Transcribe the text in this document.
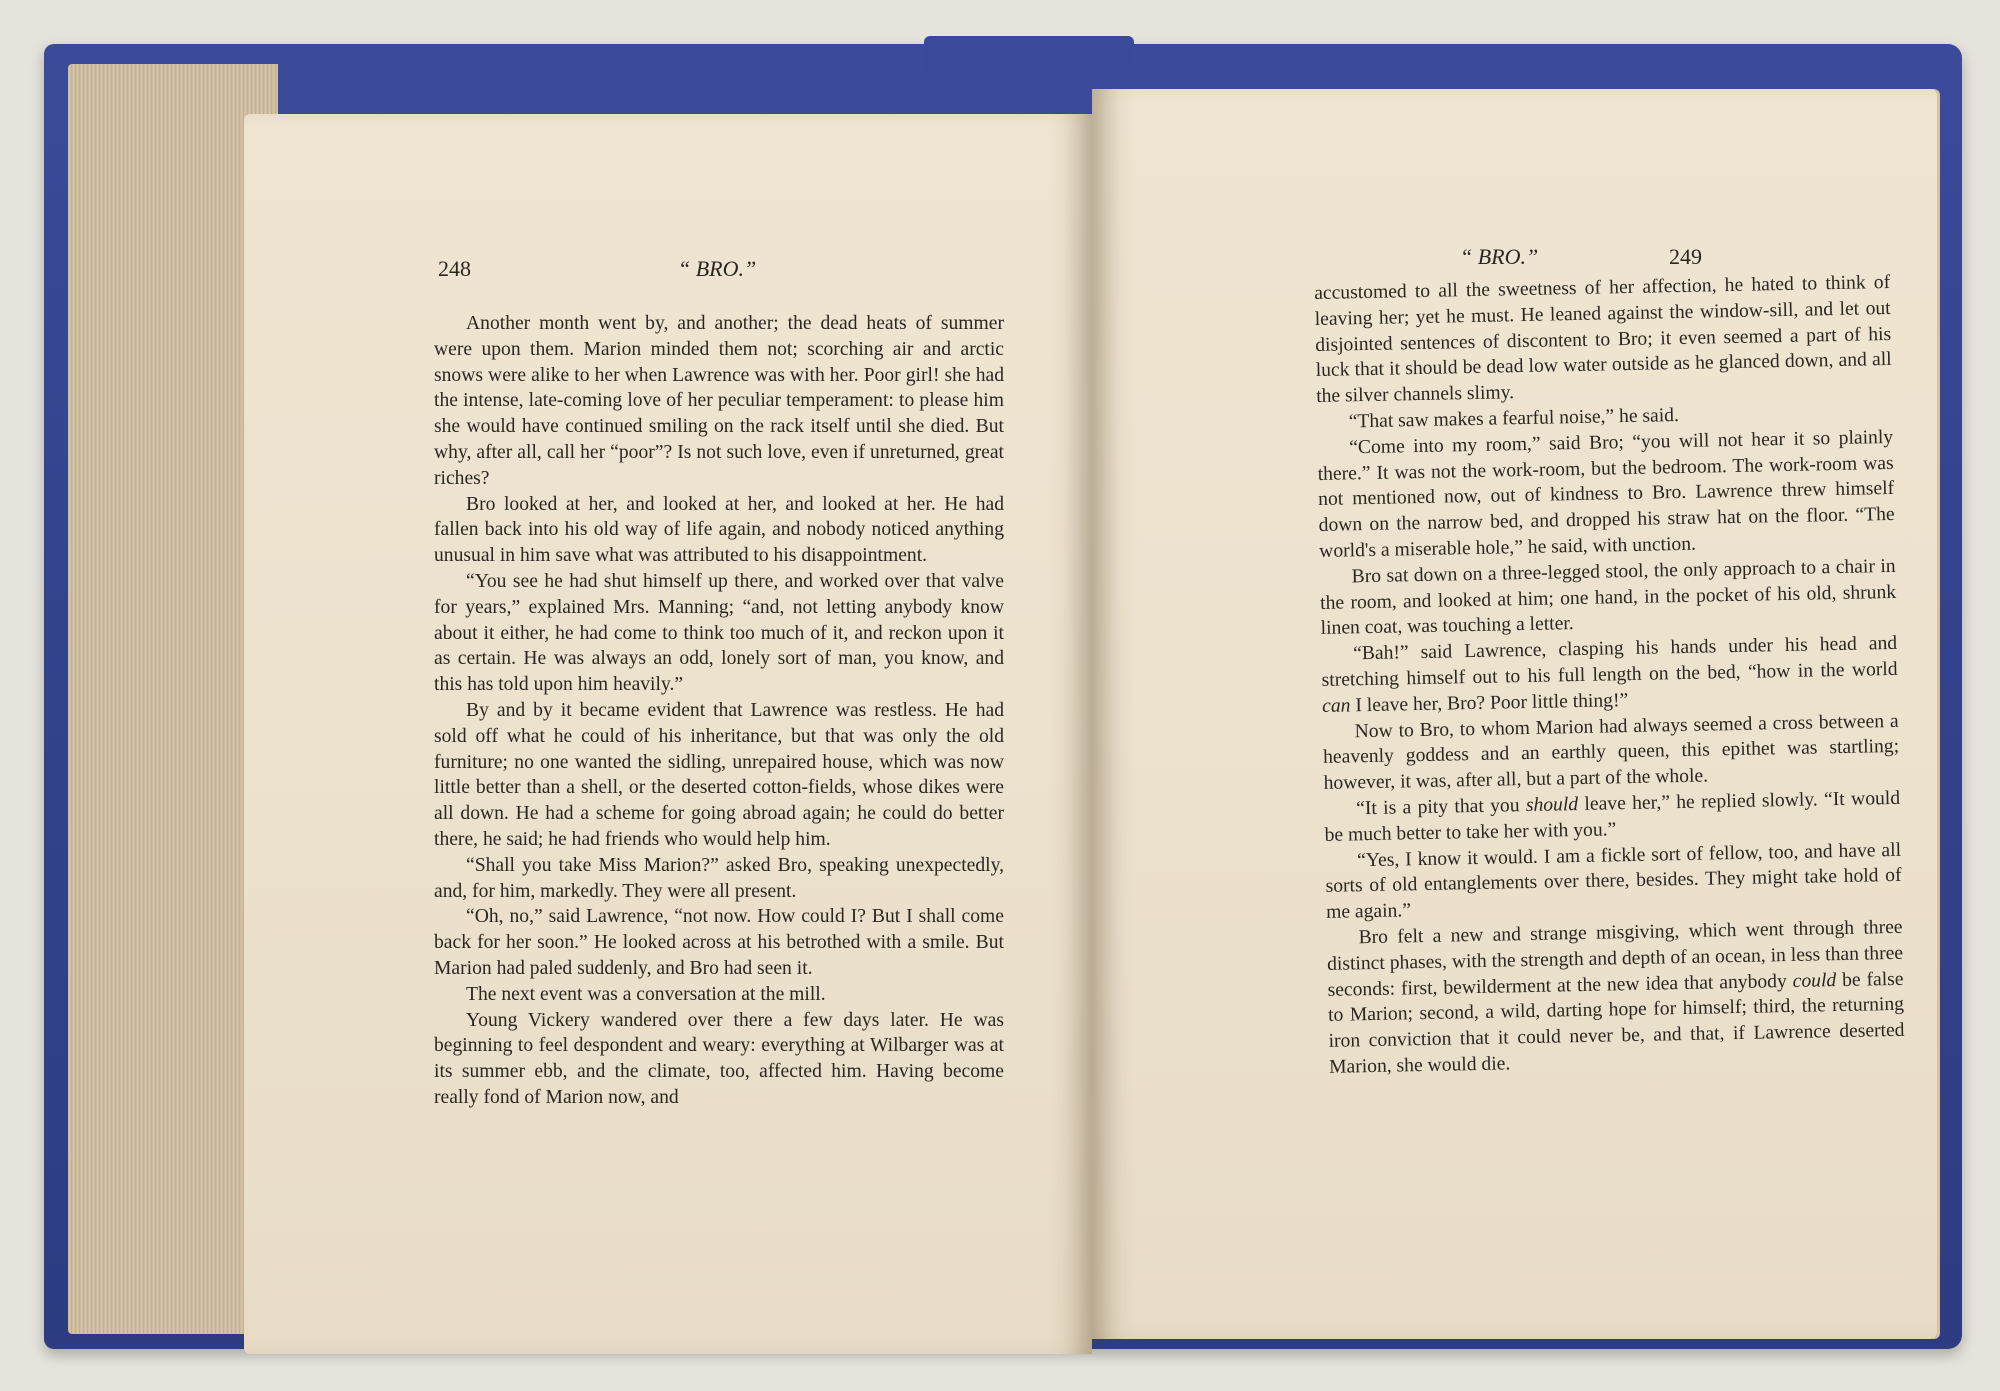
248	“ BRO.”

Another month went by, and another; the dead heats of summer were upon them. Marion minded them not; scorching air and arctic snows were alike to her when Lawrence was with her. Poor girl! she had the intense, late-coming love of her peculiar temperament: to please him she would have continued smiling on the rack itself until she died. But why, after all, call her “poor”? Is not such love, even if unreturned, great riches?

Bro looked at her, and looked at her, and looked at her. He had fallen back into his old way of life again, and nobody noticed anything unusual in him save what was attributed to his disappointment.

“You see he had shut himself up there, and worked over that valve for years,” explained Mrs. Manning; “and, not letting anybody know about it either, he had come to think too much of it, and reckon upon it as certain. He was always an odd, lonely sort of man, you know, and this has told upon him heavily.”

By and by it became evident that Lawrence was restless. He had sold off what he could of his inheritance, but that was only the old furniture; no one wanted the sidling, unrepaired house, which was now little better than a shell, or the deserted cotton-fields, whose dikes were all down. He had a scheme for going abroad again; he could do better there, he said; he had friends who would help him.

“Shall you take Miss Marion?” asked Bro, speaking unexpectedly, and, for him, markedly. They were all present.

“Oh, no,” said Lawrence, “not now. How could I? But I shall come back for her soon.” He looked across at his betrothed with a smile. But Marion had paled suddenly, and Bro had seen it.

The next event was a conversation at the mill.

Young Vickery wandered over there a few days later. He was beginning to feel despondent and weary: everything at Wilbarger was at its summer ebb, and the climate, too, affected him. Having become really fond of Marion now, and

“ BRO.”	249

accustomed to all the sweetness of her affection, he hated to think of leaving her; yet he must. He leaned against the window-sill, and let out disjointed sentences of discontent to Bro; it even seemed a part of his luck that it should be dead low water outside as he glanced down, and all the silver channels slimy.

“That saw makes a fearful noise,” he said.

“Come into my room,” said Bro; “you will not hear it so plainly there.” It was not the work-room, but the bedroom. The work-room was not mentioned now, out of kindness to Bro. Lawrence threw himself down on the narrow bed, and dropped his straw hat on the floor. “The world's a miserable hole,” he said, with unction.

Bro sat down on a three-legged stool, the only approach to a chair in the room, and looked at him; one hand, in the pocket of his old, shrunk linen coat, was touching a letter.

“Bah!” said Lawrence, clasping his hands under his head and stretching himself out to his full length on the bed, “how in the world can I leave her, Bro? Poor little thing!”

Now to Bro, to whom Marion had always seemed a cross between a heavenly goddess and an earthly queen, this epithet was startling; however, it was, after all, but a part of the whole.

“It is a pity that you should leave her,” he replied slowly. “It would be much better to take her with you.”

“Yes, I know it would. I am a fickle sort of fellow, too, and have all sorts of old entanglements over there, besides. They might take hold of me again.”

Bro felt a new and strange misgiving, which went through three distinct phases, with the strength and depth of an ocean, in less than three seconds: first, bewilderment at the new idea that anybody could be false to Marion; second, a wild, darting hope for himself; third, the returning iron conviction that it could never be, and that, if Lawrence deserted Marion, she would die.
